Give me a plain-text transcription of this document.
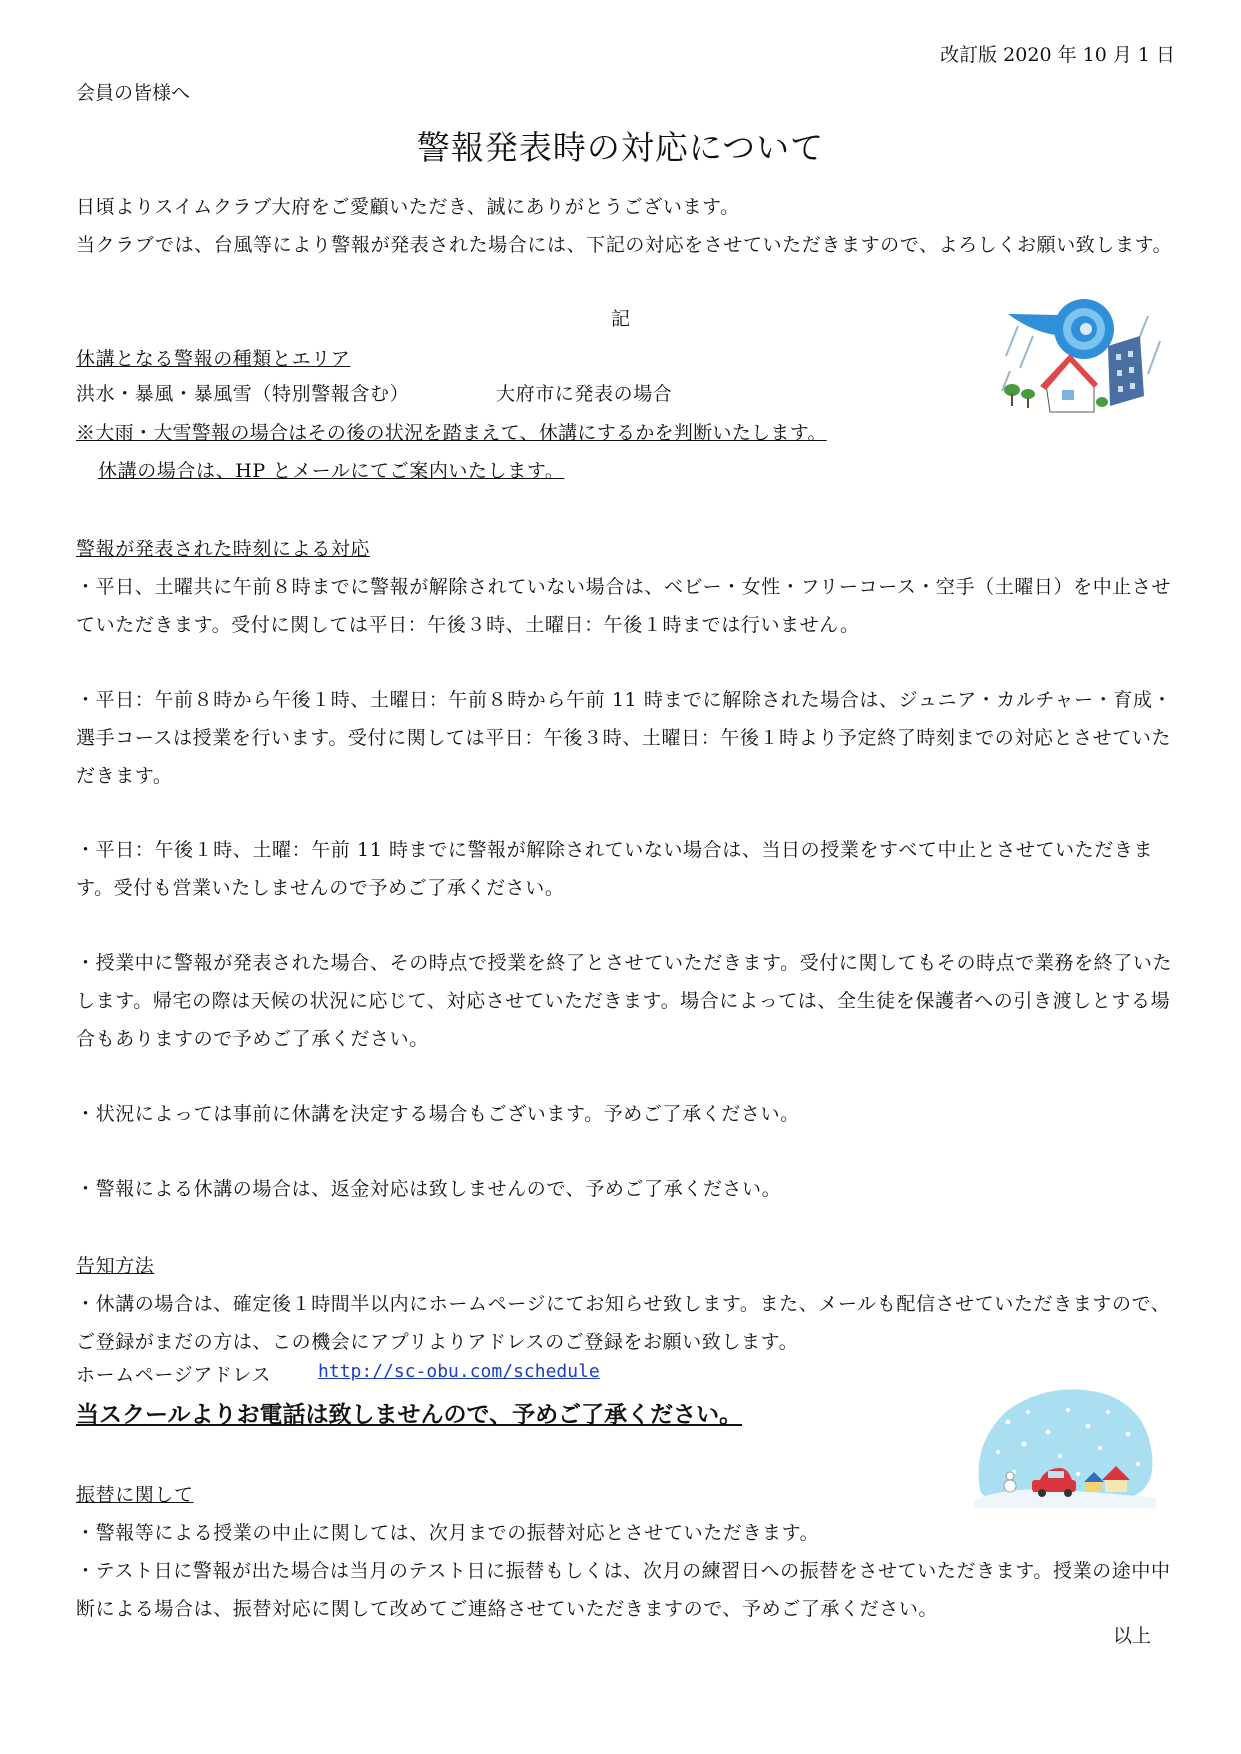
改訂版 2020 年 10 月 1 日
会員の皆様へ
警報発表時の対応について
日頃よりスイムクラブ大府をご愛顧いただき、誠にありがとうございます。
当クラブでは、台風等により警報が発表された場合には、下記の対応をさせていただきますので、よろしくお願い致します。
記
休講となる警報の種類とエリア
洪水・暴風・暴風雪（特別警報含む）	大府市に発表の場合
※大雨・大雪警報の場合はその後の状況を踏まえて、休講にするかを判断いたします。
休講の場合は、HP とメールにてご案内いたします。
警報が発表された時刻による対応
・平日、土曜共に午前８時までに警報が解除されていない場合は、ベビー・女性・フリーコース・空手（土曜日）を中止させていただきます。受付に関しては平日：午後３時、土曜日：午後１時までは行いません。
・平日：午前８時から午後１時、土曜日：午前８時から午前 11 時までに解除された場合は、ジュニア・カルチャー・育成・選手コースは授業を行います。受付に関しては平日：午後３時、土曜日：午後１時より予定終了時刻までの対応とさせていただきます。
・平日：午後１時、土曜：午前 11 時までに警報が解除されていない場合は、当日の授業をすべて中止とさせていただきます。受付も営業いたしませんので予めご了承ください。
・授業中に警報が発表された場合、その時点で授業を終了とさせていただきます。受付に関してもその時点で業務を終了いたします。帰宅の際は天候の状況に応じて、対応させていただきます。場合によっては、全生徒を保護者への引き渡しとする場合もありますので予めご了承ください。
・状況によっては事前に休講を決定する場合もございます。予めご了承ください。
・警報による休講の場合は、返金対応は致しませんので、予めご了承ください。
告知方法
・休講の場合は、確定後１時間半以内にホームページにてお知らせ致します。また、メールも配信させていただきますので、ご登録がまだの方は、この機会にアプリよりアドレスのご登録をお願い致します。
ホームページアドレス	http://sc-obu.com/schedule
当スクールよりお電話は致しませんので、予めご了承ください。
振替に関して
・警報等による授業の中止に関しては、次月までの振替対応とさせていただきます。
・テスト日に警報が出た場合は当月のテスト日に振替もしくは、次月の練習日への振替をさせていただきます。授業の途中中断による場合は、振替対応に関して改めてご連絡させていただきますので、予めご了承ください。
以上
